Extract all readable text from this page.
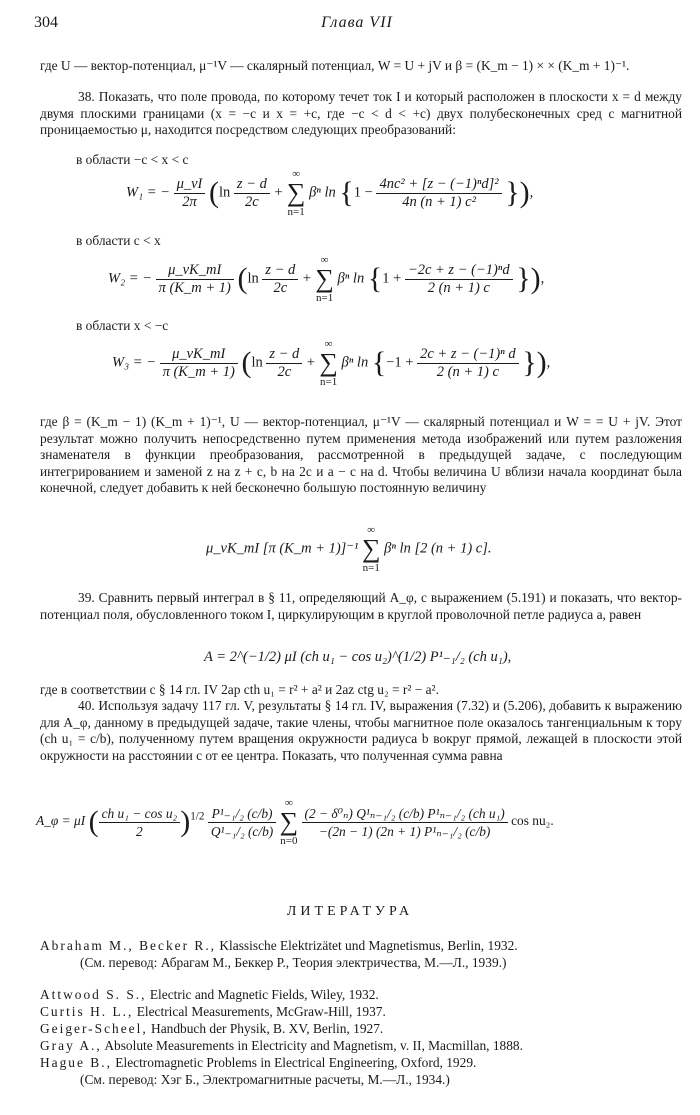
304	Глава VII
где U — вектор-потенциал, μ⁻¹V — скалярный потенциал, W = U + jV и β = (K_m − 1) × × (K_m + 1)⁻¹.
38. Показать, что поле провода, по которому течет ток I и который расположен в плоскости x = d между двумя плоскими границами (x = −c и x = +c, где −c < d < +c) двух полубесконечных сред с магнитной проницаемостью μ, находится посредством следующих преобразований:
в области −c < x < c
W₁ = − $\frac{\mu\_vI}{2\pi} (\ln \frac{z - d}{2c}$ +
∞
∑
n=1
βⁿ $\ln \{1 - \frac{\text{4nc² + [z − (−1)ⁿd]²}}{\text{4n (n + 1) c²}}$ }),
в области c < x
W₂ = − $\frac{\mu\_vK\_mI}{\pi (K\_m + 1)} (\ln \frac{z - d}{2c}$ +
∞
∑
n=1
βⁿ $\ln \{1 + \frac{\text{−2c + z − (−1)ⁿd}}{2 (n + 1) c}$ }),
в области x < −c
W₃ = − $\frac{\mu\_vK\_mI}{\pi (K\_m + 1)} (\ln \frac{z - d}{2c}$ +
∞
∑
n=1
βⁿ $\ln \{-1 + \frac{\text{2c + z − (−1)ⁿ d}}{2 (n + 1) c}$ }),
где β = (K_m − 1) (K_m + 1)⁻¹, U — вектор-потенциал, μ⁻¹V — скалярный потенциал и W = = U + jV. Этот результат можно получить непосредственно путем применения метода изображений или путем разложения знаменателя в функции преобразования, рассмотренной в предыдущей задаче, с последующим интегрированием и заменой z на z + c, b на 2c и a − c на d. Чтобы величина U вблизи начала координат была конечной, следует добавить к ней бесконечно большую постоянную величину
μ_vK_mI [π (K_m + 1)]⁻¹
∞
∑
n=1
βⁿ ln [2 (n + 1) c].
39. Сравнить первый интеграл в § 11, определяющий A_φ, с выражением (5.191) и показать, что вектор-потенциал поля, обусловленного током I, циркулирующим в круглой проволочной петле радиуса a, равен
A = 2^(−1/2) μI (ch u₁ − cos u₂)^(1/2) P¹₋₁/₂ (ch u₁),
где в соответствии с § 14 гл. IV 2ap cth u₁ = r² + a² и 2az ctg u₂ = r² − a².
40. Используя задачу 117 гл. V, результаты § 14 гл. IV, выражения (7.32) и (5.206), добавить к выражению для A_φ, данному в предыдущей задаче, такие члены, чтобы магнитное поле оказалось тангенциальным к тору (ch u₁ = c/b), полученному путем вращения окружности радиуса b вокруг прямой, лежащей в плоскости этой окружности на расстоянии c от ее центра. Показать, что полученная сумма равна
A_φ = μI ( $\frac{\text{ch u₁ − cos u₂}}{2} )^{1/2} \frac{\text{P¹₋₁/₂ (c/b)}}{\text{Q¹₋₁/₂ (c/b)}}$

∞
∑
n=0

$\frac{\text{(2 − δ⁰ₙ) Q¹ₙ₋₁/₂ (c/b) P¹ₙ₋₁/₂ (ch u₁)}}{\text{−(2n − 1) (2n + 1) P¹ₙ₋₁/₂ (c/b)}}$ cos nu₂.
ЛИТЕРАТУРА
Abraham M., Becker R., Klassische Elektrizätet und Magnetismus, Berlin, 1932.
(См. перевод: Абрагам М., Беккер Р., Теория электричества, М.—Л., 1939.)
Attwood S. S., Electric and Magnetic Fields, Wiley, 1932.
Curtis H. L., Electrical Measurements, McGraw-Hill, 1937.
Geiger-Scheel, Handbuch der Physik, B. XV, Berlin, 1927.
Gray A., Absolute Measurements in Electricity and Magnetism, v. II, Macmillan, 1888.
Hague B., Electromagnetic Problems in Electrical Engineering, Oxford, 1929.
(См. перевод: Хэг Б., Электромагнитные расчеты, М.—Л., 1934.)
